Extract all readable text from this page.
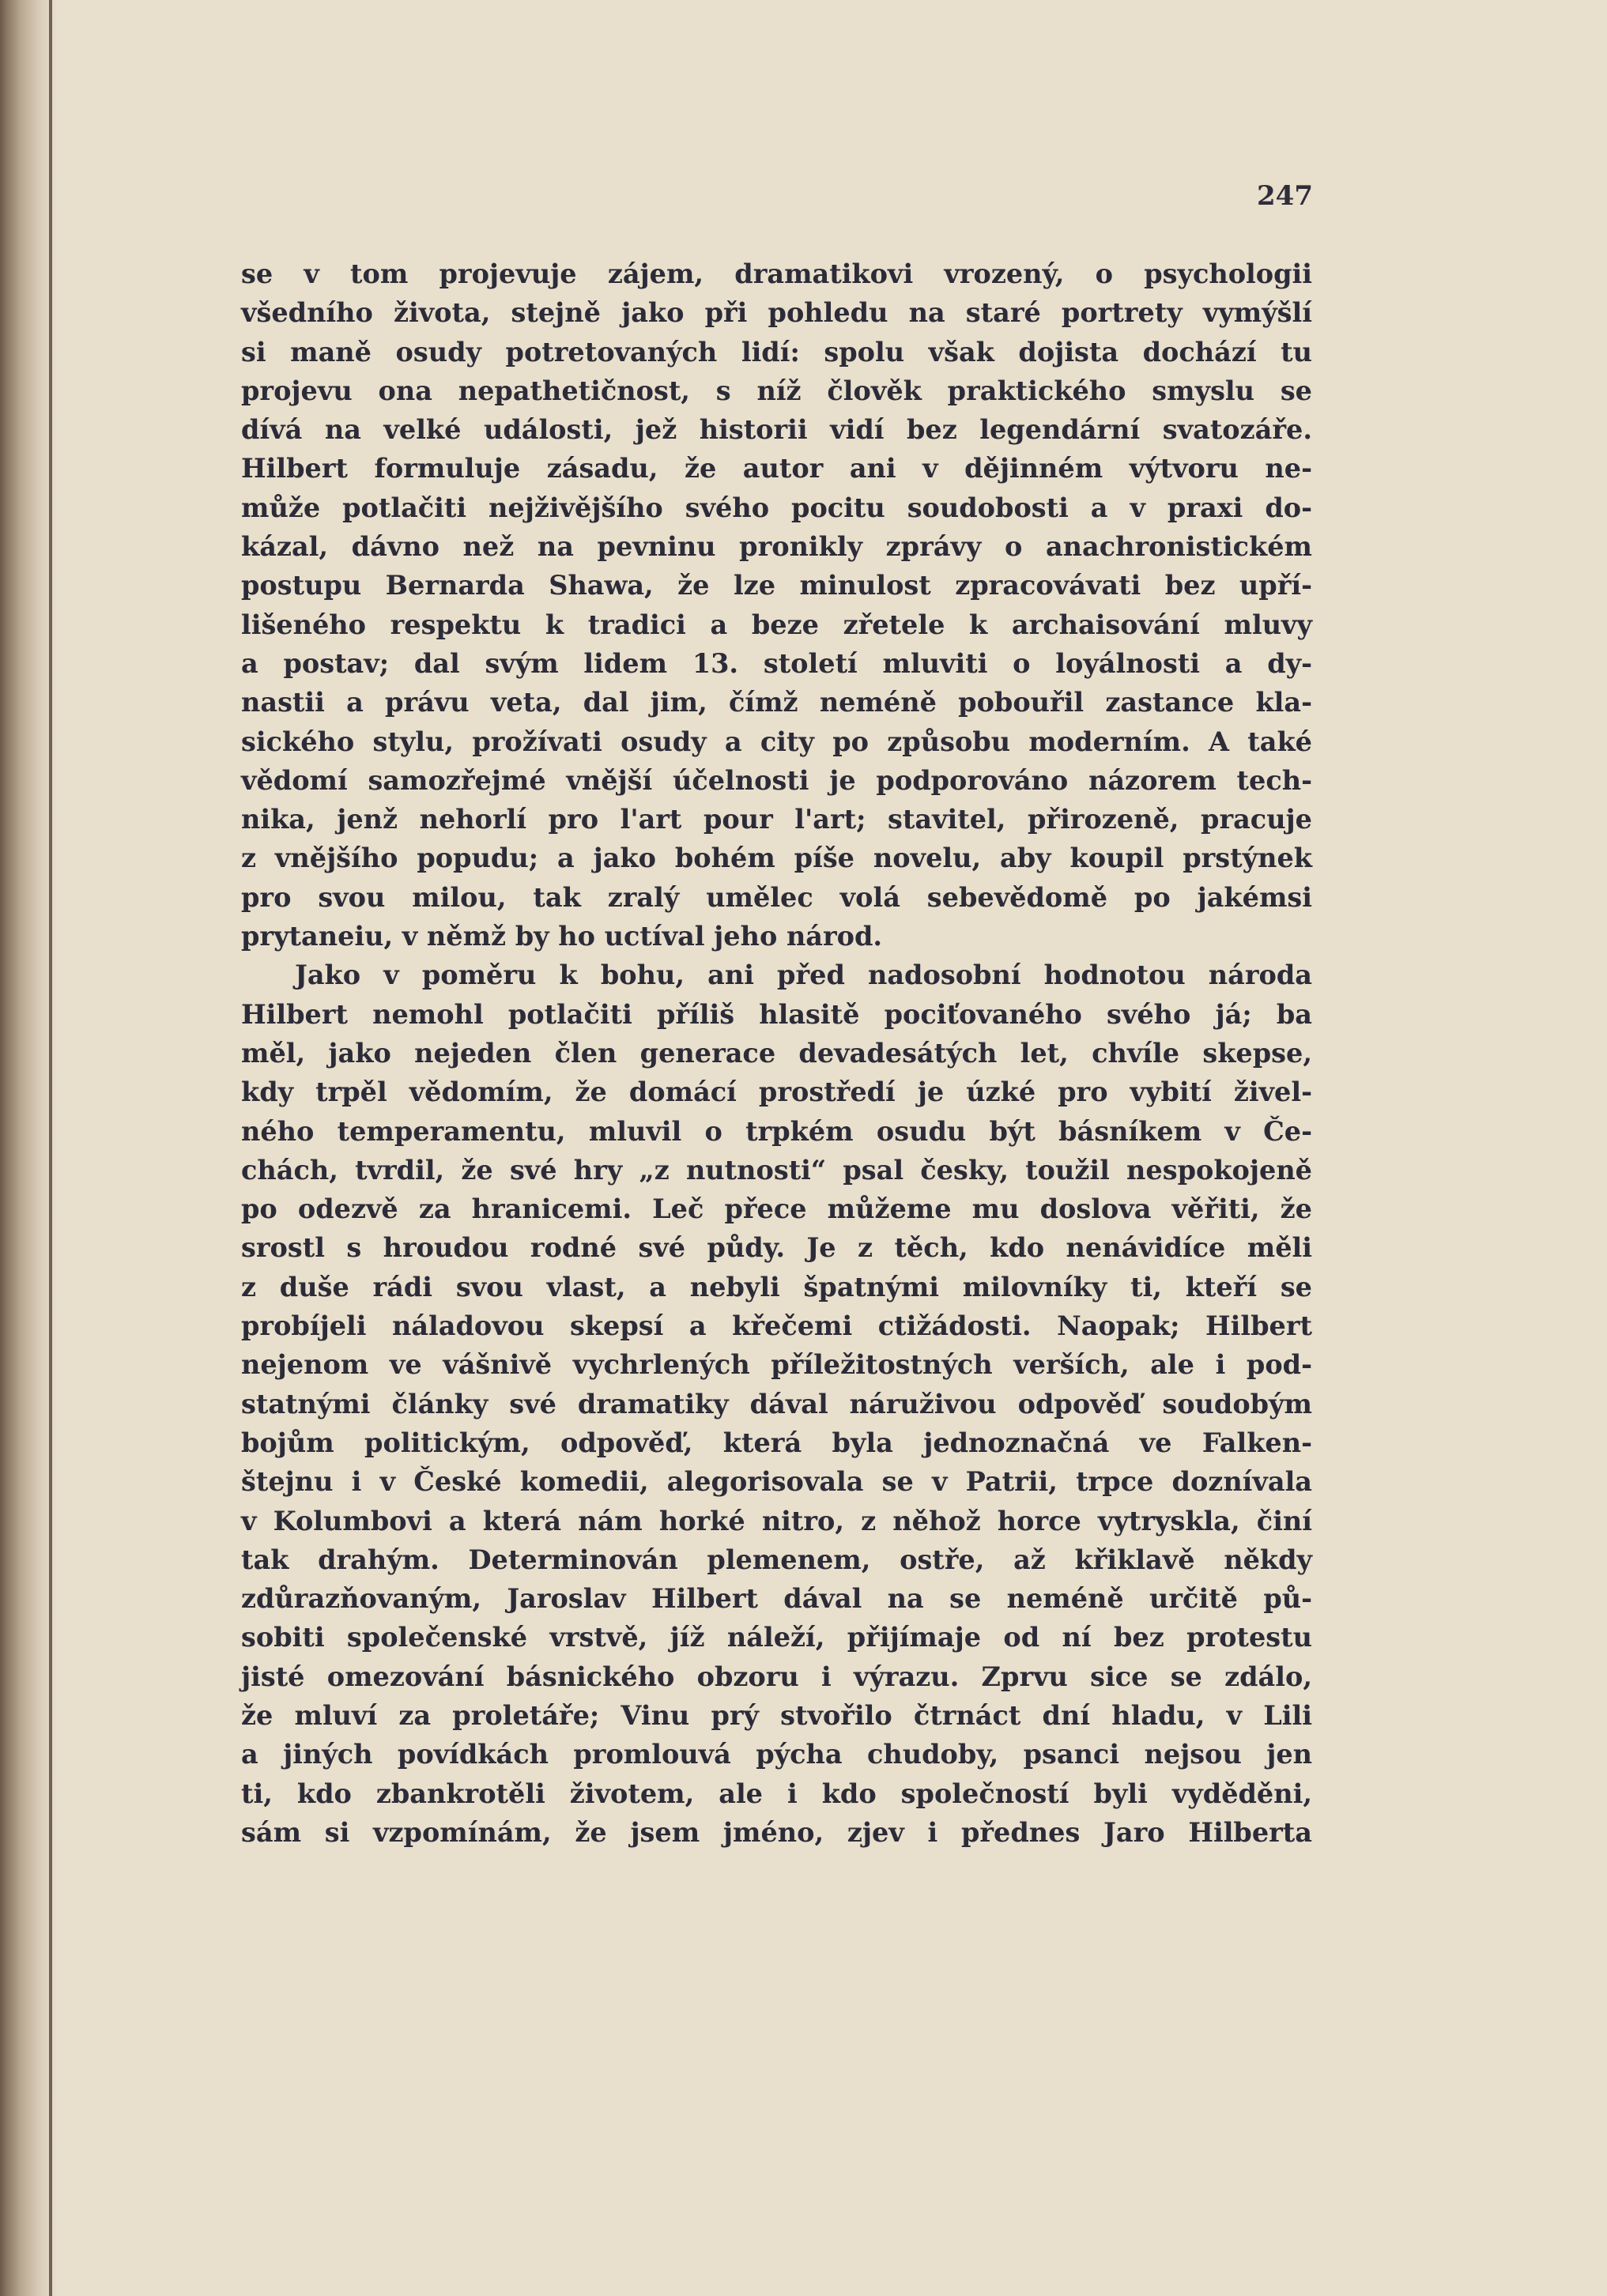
247
se v tom projevuje zájem, dramatikovi vrozený, o psychologii
všedního života, stejně jako při pohledu na staré portrety vymýšlí
si maně osudy potretovaných lidí: spolu však dojista dochází tu
projevu ona nepathetičnost, s níž člověk praktického smyslu se
dívá na velké události, jež historii vidí bez legendární svatozáře.
Hilbert formuluje zásadu, že autor ani v dějinném výtvoru ne-
může potlačiti nejživějšího svého pocitu soudobosti a v praxi do-
kázal, dávno než na pevninu pronikly zprávy o anachronistickém
postupu Bernarda Shawa, že lze minulost zpracovávati bez upří-
lišeného respektu k tradici a beze zřetele k archaisování mluvy
a postav; dal svým lidem 13. století mluviti o loyálnosti a dy-
nastii a právu veta, dal jim, čímž neméně pobouřil zastance kla-
sického stylu, prožívati osudy a city po způsobu moderním. A také
vědomí samozřejmé vnější účelnosti je podporováno názorem tech-
nika, jenž nehorlí pro l'art pour l'art; stavitel, přirozeně, pracuje
z vnějšího popudu; a jako bohém píše novelu, aby koupil prstýnek
pro svou milou, tak zralý umělec volá sebevědomě po jakémsi
prytaneiu, v němž by ho uctíval jeho národ.
Jako v poměru k bohu, ani před nadosobní hodnotou národa
Hilbert nemohl potlačiti příliš hlasitě pociťovaného svého já; ba
měl, jako nejeden člen generace devadesátých let, chvíle skepse,
kdy trpěl vědomím, že domácí prostředí je úzké pro vybití živel-
ného temperamentu, mluvil o trpkém osudu být básníkem v Če-
chách, tvrdil, že své hry „z nutnosti“ psal česky, toužil nespokojeně
po odezvě za hranicemi. Leč přece můžeme mu doslova věřiti, že
srostl s hroudou rodné své půdy. Je z těch, kdo nenávidíce měli
z duše rádi svou vlast, a nebyli špatnými milovníky ti, kteří se
probíjeli náladovou skepsí a křečemi ctižádosti. Naopak; Hilbert
nejenom ve vášnivě vychrlených příležitostných verších, ale i pod-
statnými články své dramatiky dával náruživou odpověď soudobým
bojům politickým, odpověď, která byla jednoznačná ve Falken-
štejnu i v České komedii, alegorisovala se v Patrii, trpce doznívala
v Kolumbovi a která nám horké nitro, z něhož horce vytryskla, činí
tak drahým. Determinován plemenem, ostře, až křiklavě někdy
zdůrazňovaným, Jaroslav Hilbert dával na se neméně určitě pů-
sobiti společenské vrstvě, jíž náleží, přijímaje od ní bez protestu
jisté omezování básnického obzoru i výrazu. Zprvu sice se zdálo,
že mluví za proletáře; Vinu prý stvořilo čtrnáct dní hladu, v Lili
a jiných povídkách promlouvá pýcha chudoby, psanci nejsou jen
ti, kdo zbankrotěli životem, ale i kdo společností byli vyděděni,
sám si vzpomínám, že jsem jméno, zjev i přednes Jaro Hilberta
